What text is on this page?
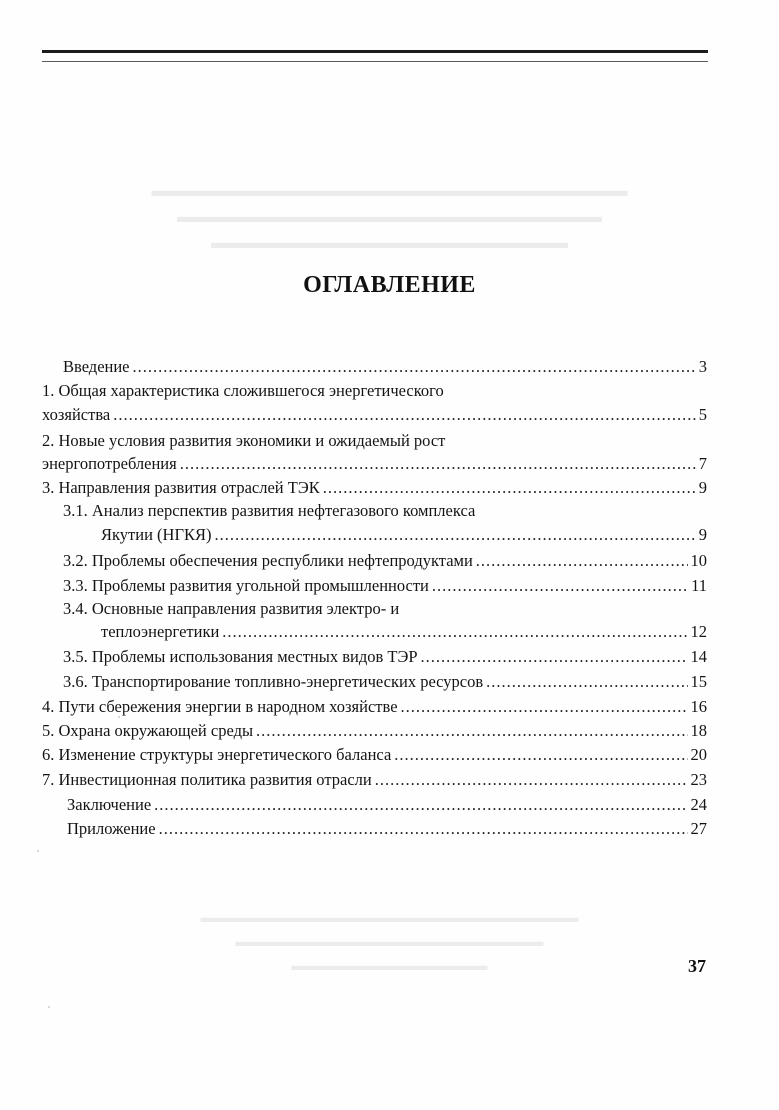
▬▬▬▬▬▬▬▬▬▬▬▬▬▬▬▬▬▬▬▬▬▬▬▬▬▬▬▬
▬▬▬▬▬▬▬▬▬▬▬▬▬▬▬▬▬▬▬▬▬▬▬▬▬
▬▬▬▬▬▬▬▬▬▬▬▬▬▬▬▬▬▬▬▬▬
▬▬▬▬▬▬▬▬▬▬▬▬▬▬▬▬▬▬▬▬▬▬▬▬▬▬▬
▬▬▬▬▬▬▬▬▬▬▬▬▬▬▬▬▬▬▬▬▬▬
▬▬▬▬▬▬▬▬▬▬▬▬▬▬
ОГЛАВЛЕНИЕ
Введение .....	3
1. Общая характеристика сложившегося энергетического
хозяйства .....	5
2. Новые условия развития экономики и ожидаемый рост
энергопотребления .....	7
3. Направления развития отраслей ТЭК .....	9
3.1. Анализ перспектив развития нефтегазового комплекса
Якутии (НГКЯ) .....	9
3.2. Проблемы обеспечения республики нефтепродуктами .....	10
3.3. Проблемы развития угольной промышленности .....	11
3.4. Основные направления развития электро- и
теплоэнергетики .....	12
3.5. Проблемы использования местных видов ТЭР .....	14
3.6. Транспортирование топливно-энергетических ресурсов .....	15
4. Пути сбережения энергии в народном хозяйстве .....	16
5. Охрана окружающей среды .....	18
6. Изменение структуры энергетического баланса .....	20
7. Инвестиционная политика развития отрасли .....	23
Заключение .....	24
Приложение .....	27
37
